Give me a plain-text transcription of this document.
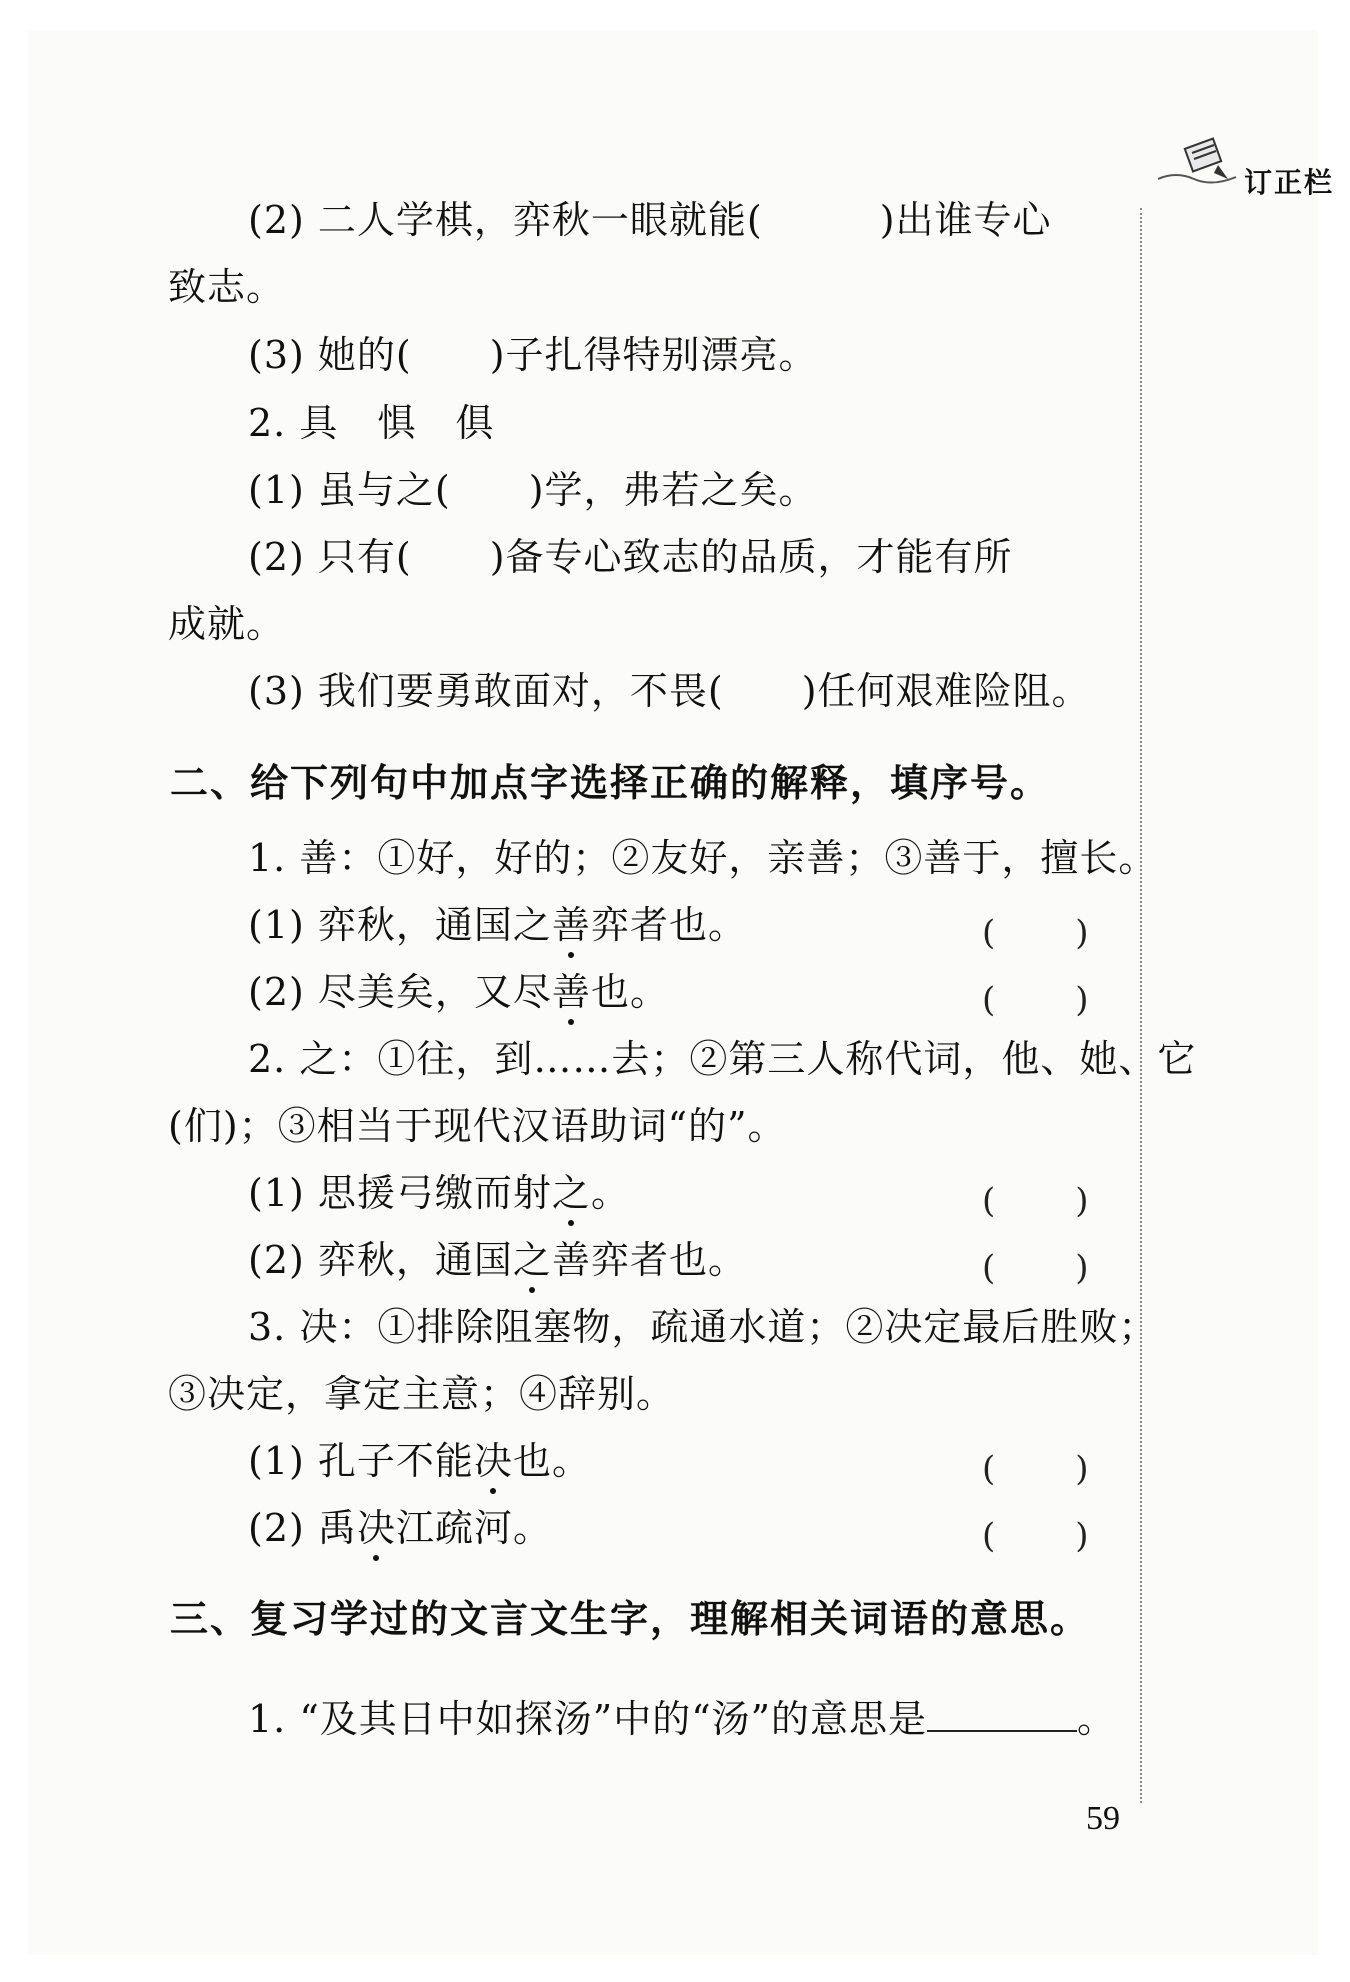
订正栏
(2) 二人学棋，弈秋一眼就能(　　　)出谁专心
致志。
(3) 她的(　　)子扎得特别漂亮。
2. 具　惧　俱
(1) 虽与之(　　)学，弗若之矣。
(2) 只有(　　)备专心致志的品质，才能有所
成就。
(3) 我们要勇敢面对，不畏(　　)任何艰难险阻。
二、给下列句中加点字选择正确的解释，填序号。
1. 善：①好，好的；②友好，亲善；③善于，擅长。
(1) 弈秋，通国之善弈者也。	(　　)
(2) 尽美矣，又尽善也。	(　　)
2. 之：①往，到……去；②第三人称代词，他、她、它
(们)；③相当于现代汉语助词“的”。
(1) 思援弓缴而射之。	(　　)
(2) 弈秋，通国之善弈者也。	(　　)
3. 决：①排除阻塞物，疏通水道；②决定最后胜败；
③决定，拿定主意；④辞别。
(1) 孔子不能决也。	(　　)
(2) 禹决江疏河。	(　　)
三、复习学过的文言文生字，理解相关词语的意思。
1. “及其日中如探汤”中的“汤”的意思是	。
59
